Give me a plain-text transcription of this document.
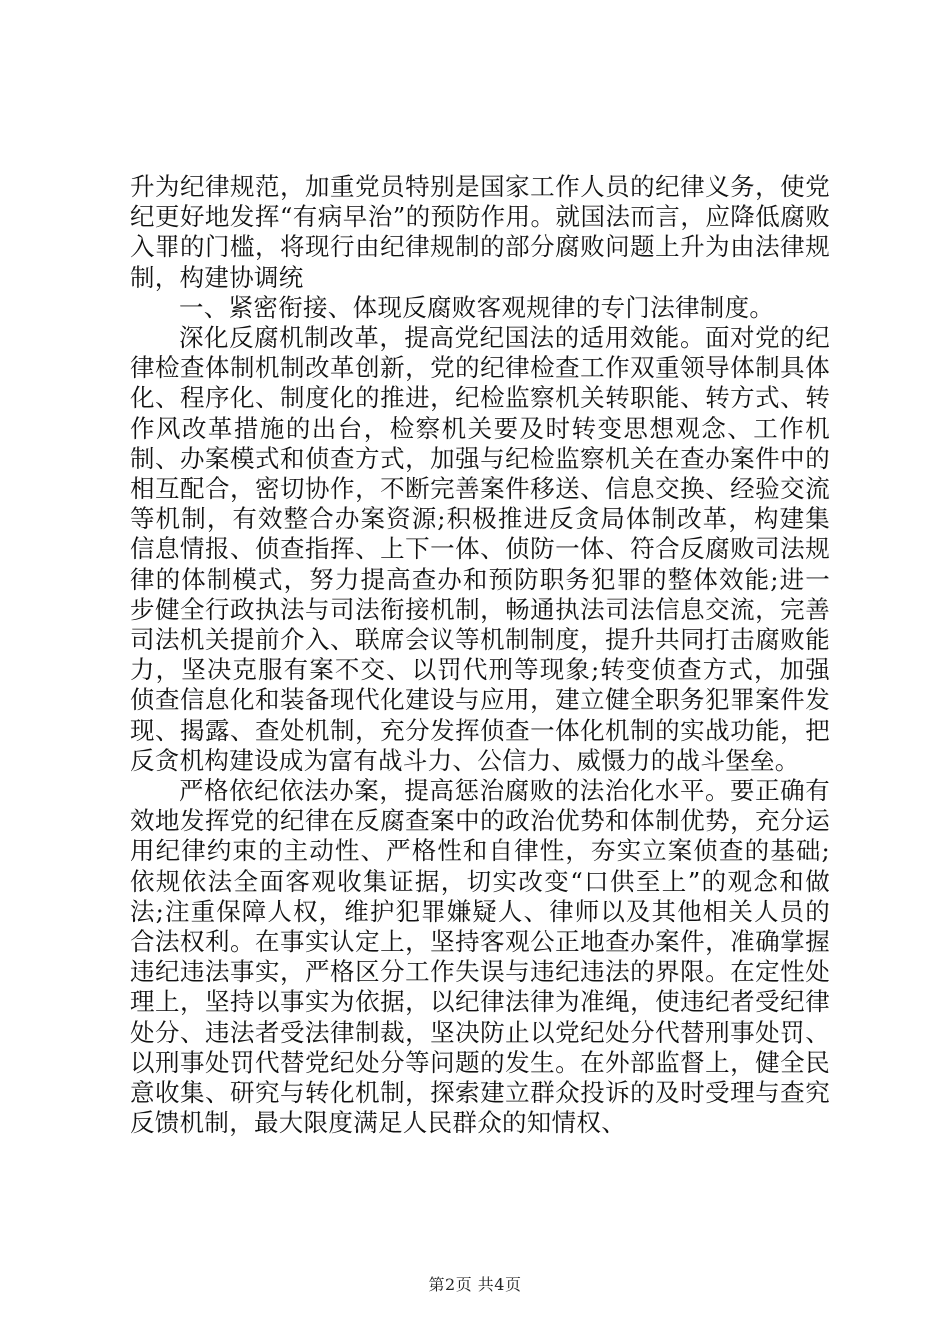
升为纪律规范，加重党员特别是国家工作人员的纪律义务，使党纪更好地发挥“有病早治”的预防作用。就国法而言，应降低腐败入罪的门槛，将现行由纪律规制的部分腐败问题上升为由法律规制，构建协调统

一、紧密衔接、体现反腐败客观规律的专门法律制度。

深化反腐机制改革，提高党纪国法的适用效能。面对党的纪律检查体制机制改革创新，党的纪律检查工作双重领导体制具体化、程序化、制度化的推进，纪检监察机关转职能、转方式、转作风改革措施的出台，检察机关要及时转变思想观念、工作机制、办案模式和侦查方式，加强与纪检监察机关在查办案件中的相互配合，密切协作，不断完善案件移送、信息交换、经验交流等机制，有效整合办案资源;积极推进反贪局体制改革，构建集信息情报、侦查指挥、上下一体、侦防一体、符合反腐败司法规律的体制模式，努力提高查办和预防职务犯罪的整体效能;进一步健全行政执法与司法衔接机制，畅通执法司法信息交流，完善司法机关提前介入、联席会议等机制制度，提升共同打击腐败能力，坚决克服有案不交、以罚代刑等现象;转变侦查方式，加强侦查信息化和装备现代化建设与应用，建立健全职务犯罪案件发现、揭露、查处机制，充分发挥侦查一体化机制的实战功能，把反贪机构建设成为富有战斗力、公信力、威慑力的战斗堡垒。

严格依纪依法办案，提高惩治腐败的法治化水平。要正确有效地发挥党的纪律在反腐查案中的政治优势和体制优势，充分运用纪律约束的主动性、严格性和自律性，夯实立案侦查的基础;依规依法全面客观收集证据，切实改变“口供至上”的观念和做法;注重保障人权，维护犯罪嫌疑人、律师以及其他相关人员的合法权利。在事实认定上，坚持客观公正地查办案件，准确掌握违纪违法事实，严格区分工作失误与违纪违法的界限。在定性处理上，坚持以事实为依据，以纪律法律为准绳，使违纪者受纪律处分、违法者受法律制裁，坚决防止以党纪处分代替刑事处罚、以刑事处罚代替党纪处分等问题的发生。在外部监督上，健全民意收集、研究与转化机制，探索建立群众投诉的及时受理与查究反馈机制，最大限度满足人民群众的知情权、

第2页 共4页
